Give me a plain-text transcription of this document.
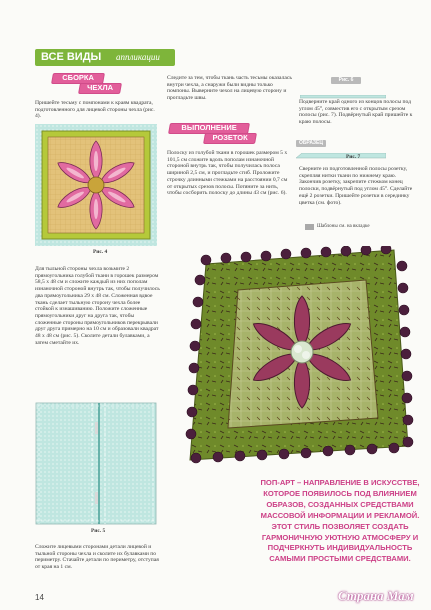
ВСЕ ВИДЫ аппликации
СБОРКА
ЧЕХЛА
Пришейте тесьму с помпонами к краям квадрата, подготовленного для лицевой стороны чехла (рис. 4).
Рис. 4
Для тыльной стороны чехла возьмите 2 прямоугольника голубой ткани в горошек размером 58,5 х 48 см и сложите каждый из них пополам изнаночной стороной внутрь так, чтобы получилось два прямоугольника 29 х 48 см. Сложенная вдвое ткань сделает тыльную сторону чехла более стойкой к изнашиванию. Положите сложенные прямоугольники друг на друга так, чтобы сложенные стороны прямоугольников перекрывали друг друга примерно на 10 см и образовали квадрат 48 х 48 см (рис. 5). Сколите детали булавками, а затем сметайте их.
Рис. 5
Сложите лицевыми сторонами детали лицевой и тыльной стороны чехла и сколите их булавками по периметру. Стачайте детали по периметру, отступая от края на 1 см.
Следите за тем, чтобы ткань часть тесьмы оказалась внутри чехла, а снаружи были видны только помпоны. Выверните чехол на лицевую сторону и прогладьте швы.
ВЫПОЛНЕНИЕ
РОЗЕТОК
Полоску из голубой ткани в горошек размером 5 х 101,5 см сложите вдоль пополам изнаночной стороной внутрь так, чтобы получилась полоса шириной 2,5 см, и прогладьте сгиб. Проложите строчку длинными стежками на расстоянии 0,7 см от открытых срезов полосы. Потяните за нить, чтобы сосборить полоску до длины 43 см (рис. 6).
Рис. 6
Подверните край одного из концов полосы под углом 45°, совместив его с открытым срезом полосы (рис. 7). Подвёрнутый край пришейте к краю полосы.
ОБРАЗЕЦ
Рис. 7
Сверните из подготовленной полосы розетку, скрепляя нитки ткани по нижнему краю. Закончив розетку, закрепите стежком конец полоски, подвёрнутый под углом 45°. Сделайте ещё 2 розетки. Пришейте розетки в серединку цветка (см. фото).
Шаблоны см. на вкладке
ПОП-АРТ – НАПРАВЛЕНИЕ В ИСКУССТВЕ, КОТОРОЕ ПОЯВИЛОСЬ ПОД ВЛИЯНИЕМ ОБРАЗОВ, СОЗДАННЫХ СРЕДСТВАМИ МАССОВОЙ ИНФОРМАЦИИ И РЕКЛАМОЙ. ЭТОТ СТИЛЬ ПОЗВОЛЯЕТ СОЗДАТЬ ГАРМОНИЧНУЮ УЮТНУЮ АТМОСФЕРУ И ПОДЧЕРКНУТЬ ИНДИВИДУАЛЬНОСТЬ САМЫМИ ПРОСТЫМИ СРЕДСТВАМИ.
14	Страна Мам
